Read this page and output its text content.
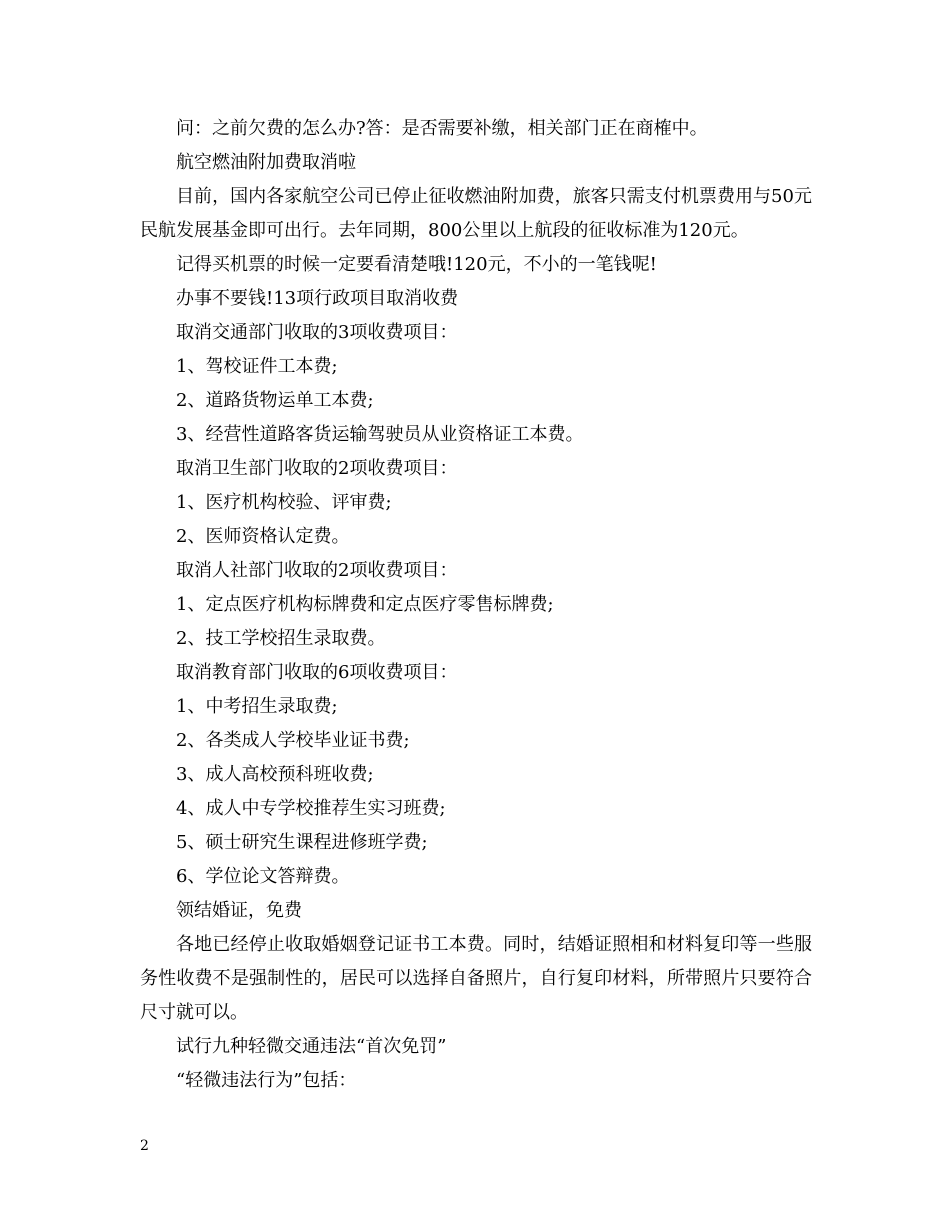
问：之前欠费的怎么办?答：是否需要补缴，相关部门正在商榷中。

航空燃油附加费取消啦

目前，国内各家航空公司已停止征收燃油附加费，旅客只需支付机票费用与50元民航发展基金即可出行。去年同期，800公里以上航段的征收标准为120元。

记得买机票的时候一定要看清楚哦!120元，不小的一笔钱呢!

办事不要钱!13项行政项目取消收费

取消交通部门收取的3项收费项目：

1、驾校证件工本费;

2、道路货物运单工本费;

3、经营性道路客货运输驾驶员从业资格证工本费。

取消卫生部门收取的2项收费项目：

1、医疗机构校验、评审费;

2、医师资格认定费。

取消人社部门收取的2项收费项目：

1、定点医疗机构标牌费和定点医疗零售标牌费;

2、技工学校招生录取费。

取消教育部门收取的6项收费项目：

1、中考招生录取费;

2、各类成人学校毕业证书费;

3、成人高校预科班收费;

4、成人中专学校推荐生实习班费;

5、硕士研究生课程进修班学费;

6、学位论文答辩费。

领结婚证，免费

各地已经停止收取婚姻登记证书工本费。同时，结婚证照相和材料复印等一些服务性收费不是强制性的，居民可以选择自备照片，自行复印材料，所带照片只要符合尺寸就可以。

试行九种轻微交通违法“首次免罚”

“轻微违法行为”包括：

2
